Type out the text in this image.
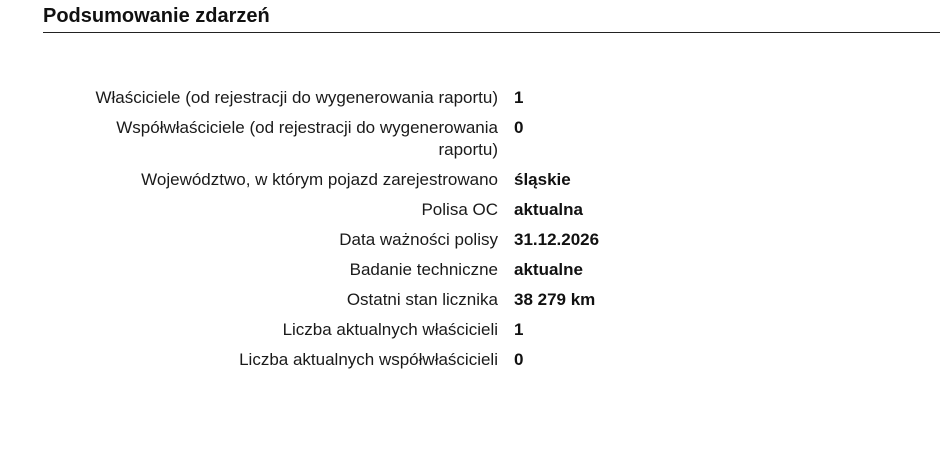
Podsumowanie zdarzeń
Właściciele (od rejestracji do wygenerowania raportu) 1
Współwłaściciele (od rejestracji do wygenerowania raportu)
0
Województwo, w którym pojazd zarejestrowano śląskie
Polisa OC aktualna
Data ważności polisy 31.12.2026
Badanie techniczne aktualne
Ostatni stan licznika 38 279 km
Liczba aktualnych właścicieli 1
Liczba aktualnych współwłaścicieli 0
